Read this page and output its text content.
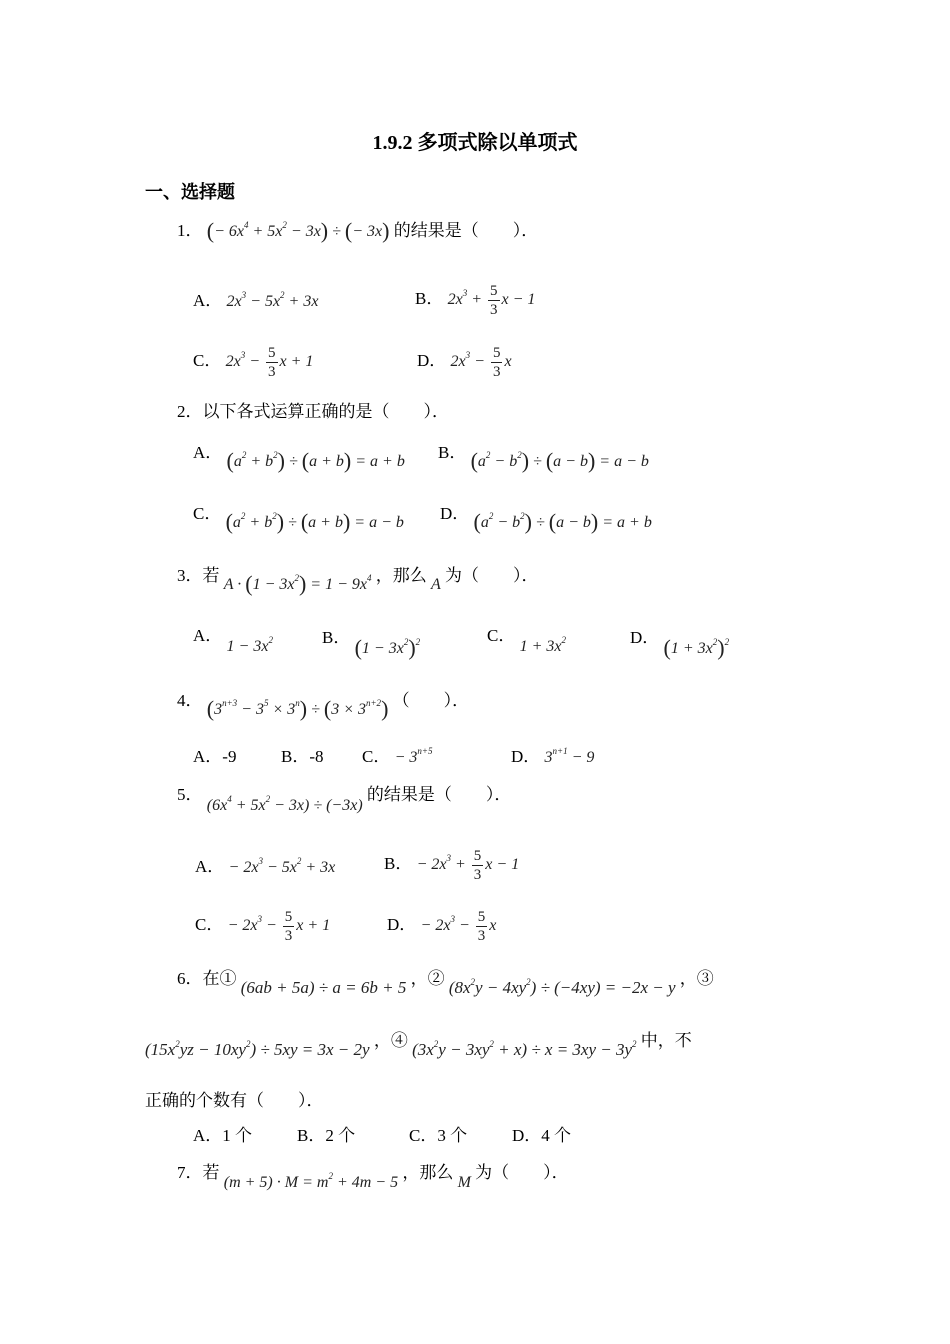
1.9.2 多项式除以单项式
一、选择题
1． (− $6x^4 + 5x^2 - 3x$) ÷ (− 3x) 的结果是（　　）．
A． $2x^3 - 5x^2 + 3x$	B． $2x^3 + \frac{5}{3}$ x − 1
C． $2x^3 - \frac{5}{3}$ x + 1	D． $2x^3 - \frac{5}{3}$ x
2．以下各式运算正确的是（　　）．
A． $(a^2 + b^2) \div (a + b) = a + b$ B． $(a^2 - b^2) \div (a - b) = a - b$
C． $(a^2 + b^2) \div (a + b) = a - b$ D． $(a^2 - b^2) \div (a - b) = a + b$
3．若 $A \cdot (1 - 3x^2) = 1 - 9x^4$ ，那么 A 为（　　）．
A． $1 - 3x^2$	B． $(1 - 3x^2)^2$	C． $1 + 3x^2$	D． $(1 + 3x^2)^2$
4． $(3^{n+3} - 3^5 \times 3^n) \div (3 \times 3^{n+2})$ （　　）．
A．-9	B．-8 C． − $3^{n+5}$	D． $3^{n+1} - 9$
5． $(6x^4 + 5x^2 - 3x) \div (-3x)$ 的结果是（　　）．
A． − $2x^3 - 5x^2 + 3x$	B． − $2x^3 + \frac{5}{3}$ x − 1
C． − $2x^3 - \frac{5}{3}$ x + 1	D． − $2x^3 - \frac{5}{3}$ x
6．在① (6ab + 5a) ÷ a = 6b + 5 ，② $(8x^2y - 4xy^2) \div (-4xy) = -2x - y$ ，③
$(15x^2yz - 10xy^2) \div 5xy = 3x - 2y$ ，④ $(3x^2y - 3xy^2 + x) \div x = 3xy - 3y^2$ 中，不
正确的个数有（　　）．
A．1 个	B．2 个	C．3 个	D．4 个
7．若 $(m + 5) \cdot M = m^2 + 4m - 5$ ，那么 M 为（　　）．
